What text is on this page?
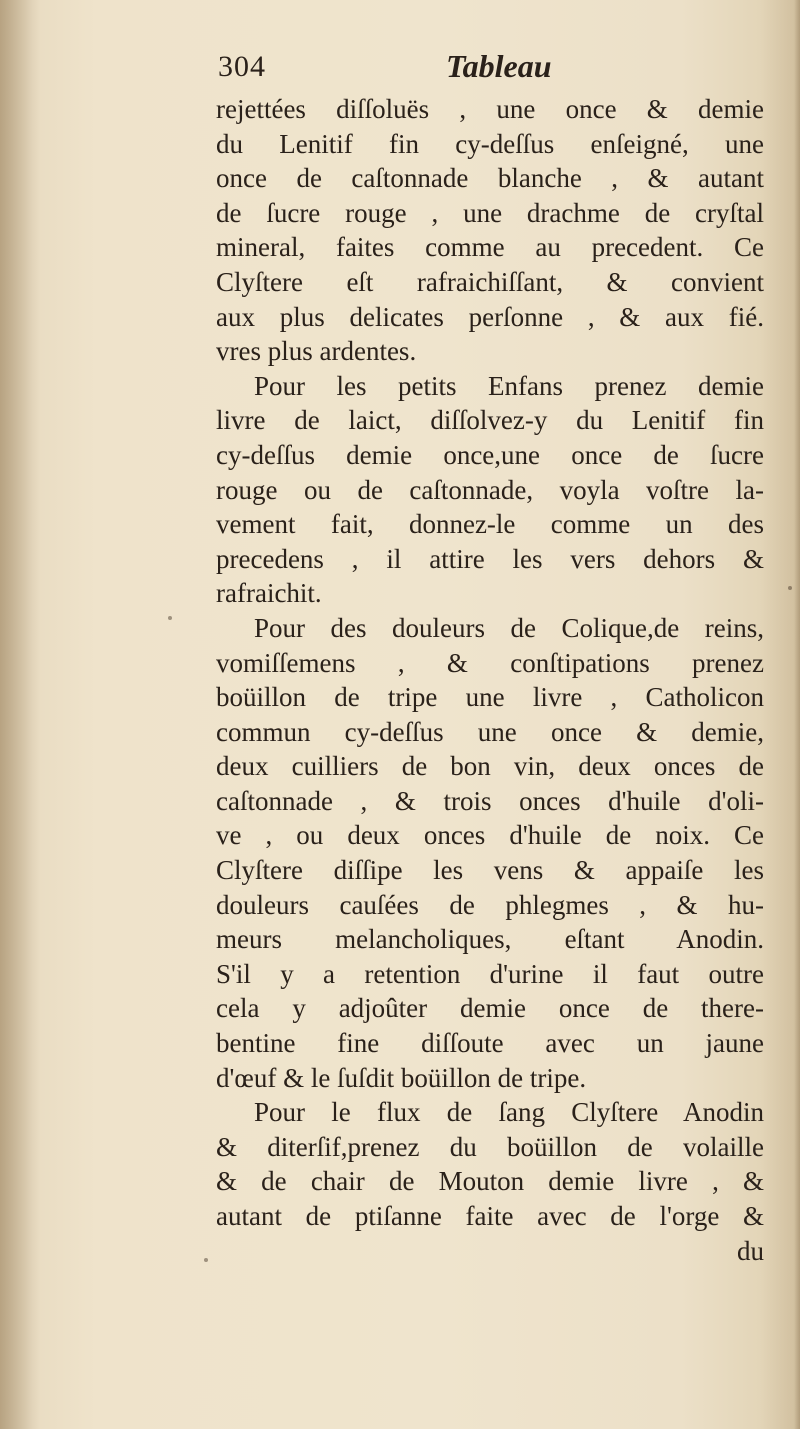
304	Tableau
rejettées diſſoluës , une once & demie
du Lenitif fin cy-deſſus enſeigné, une
once de caſtonnade blanche , & autant
de ſucre rouge , une drachme de cryſtal
mineral, faites comme au precedent. Ce
Clyſtere eſt rafraichiſſant, & convient
aux plus delicates perſonne , & aux fié.
vres plus ardentes.
Pour les petits Enfans prenez demie
livre de laict, diſſolvez-y du Lenitif fin
cy-deſſus demie once,une once de ſucre
rouge ou de caſtonnade, voyla voſtre la-
vement fait, donnez-le comme un des
precedens , il attire les vers dehors &
rafraichit.
Pour des douleurs de Colique,de reins,
vomiſſemens , & conſtipations prenez
boüillon de tripe une livre , Catholicon
commun cy-deſſus une once & demie,
deux cuilliers de bon vin, deux onces de
caſtonnade , & trois onces d'huile d'oli-
ve , ou deux onces d'huile de noix. Ce
Clyſtere diſſipe les vens & appaiſe les
douleurs cauſées de phlegmes , & hu-
meurs melancholiques, eſtant Anodin.
S'il y a retention d'urine il faut outre
cela y adjoûter demie once de there-
bentine fine diſſoute avec un jaune
d'œuf & le ſuſdit boüillon de tripe.
Pour le flux de ſang Clyſtere Anodin
& diterſif,prenez du boüillon de volaille
& de chair de Mouton demie livre , &
autant de ptiſanne faite avec de l'orge &
du
